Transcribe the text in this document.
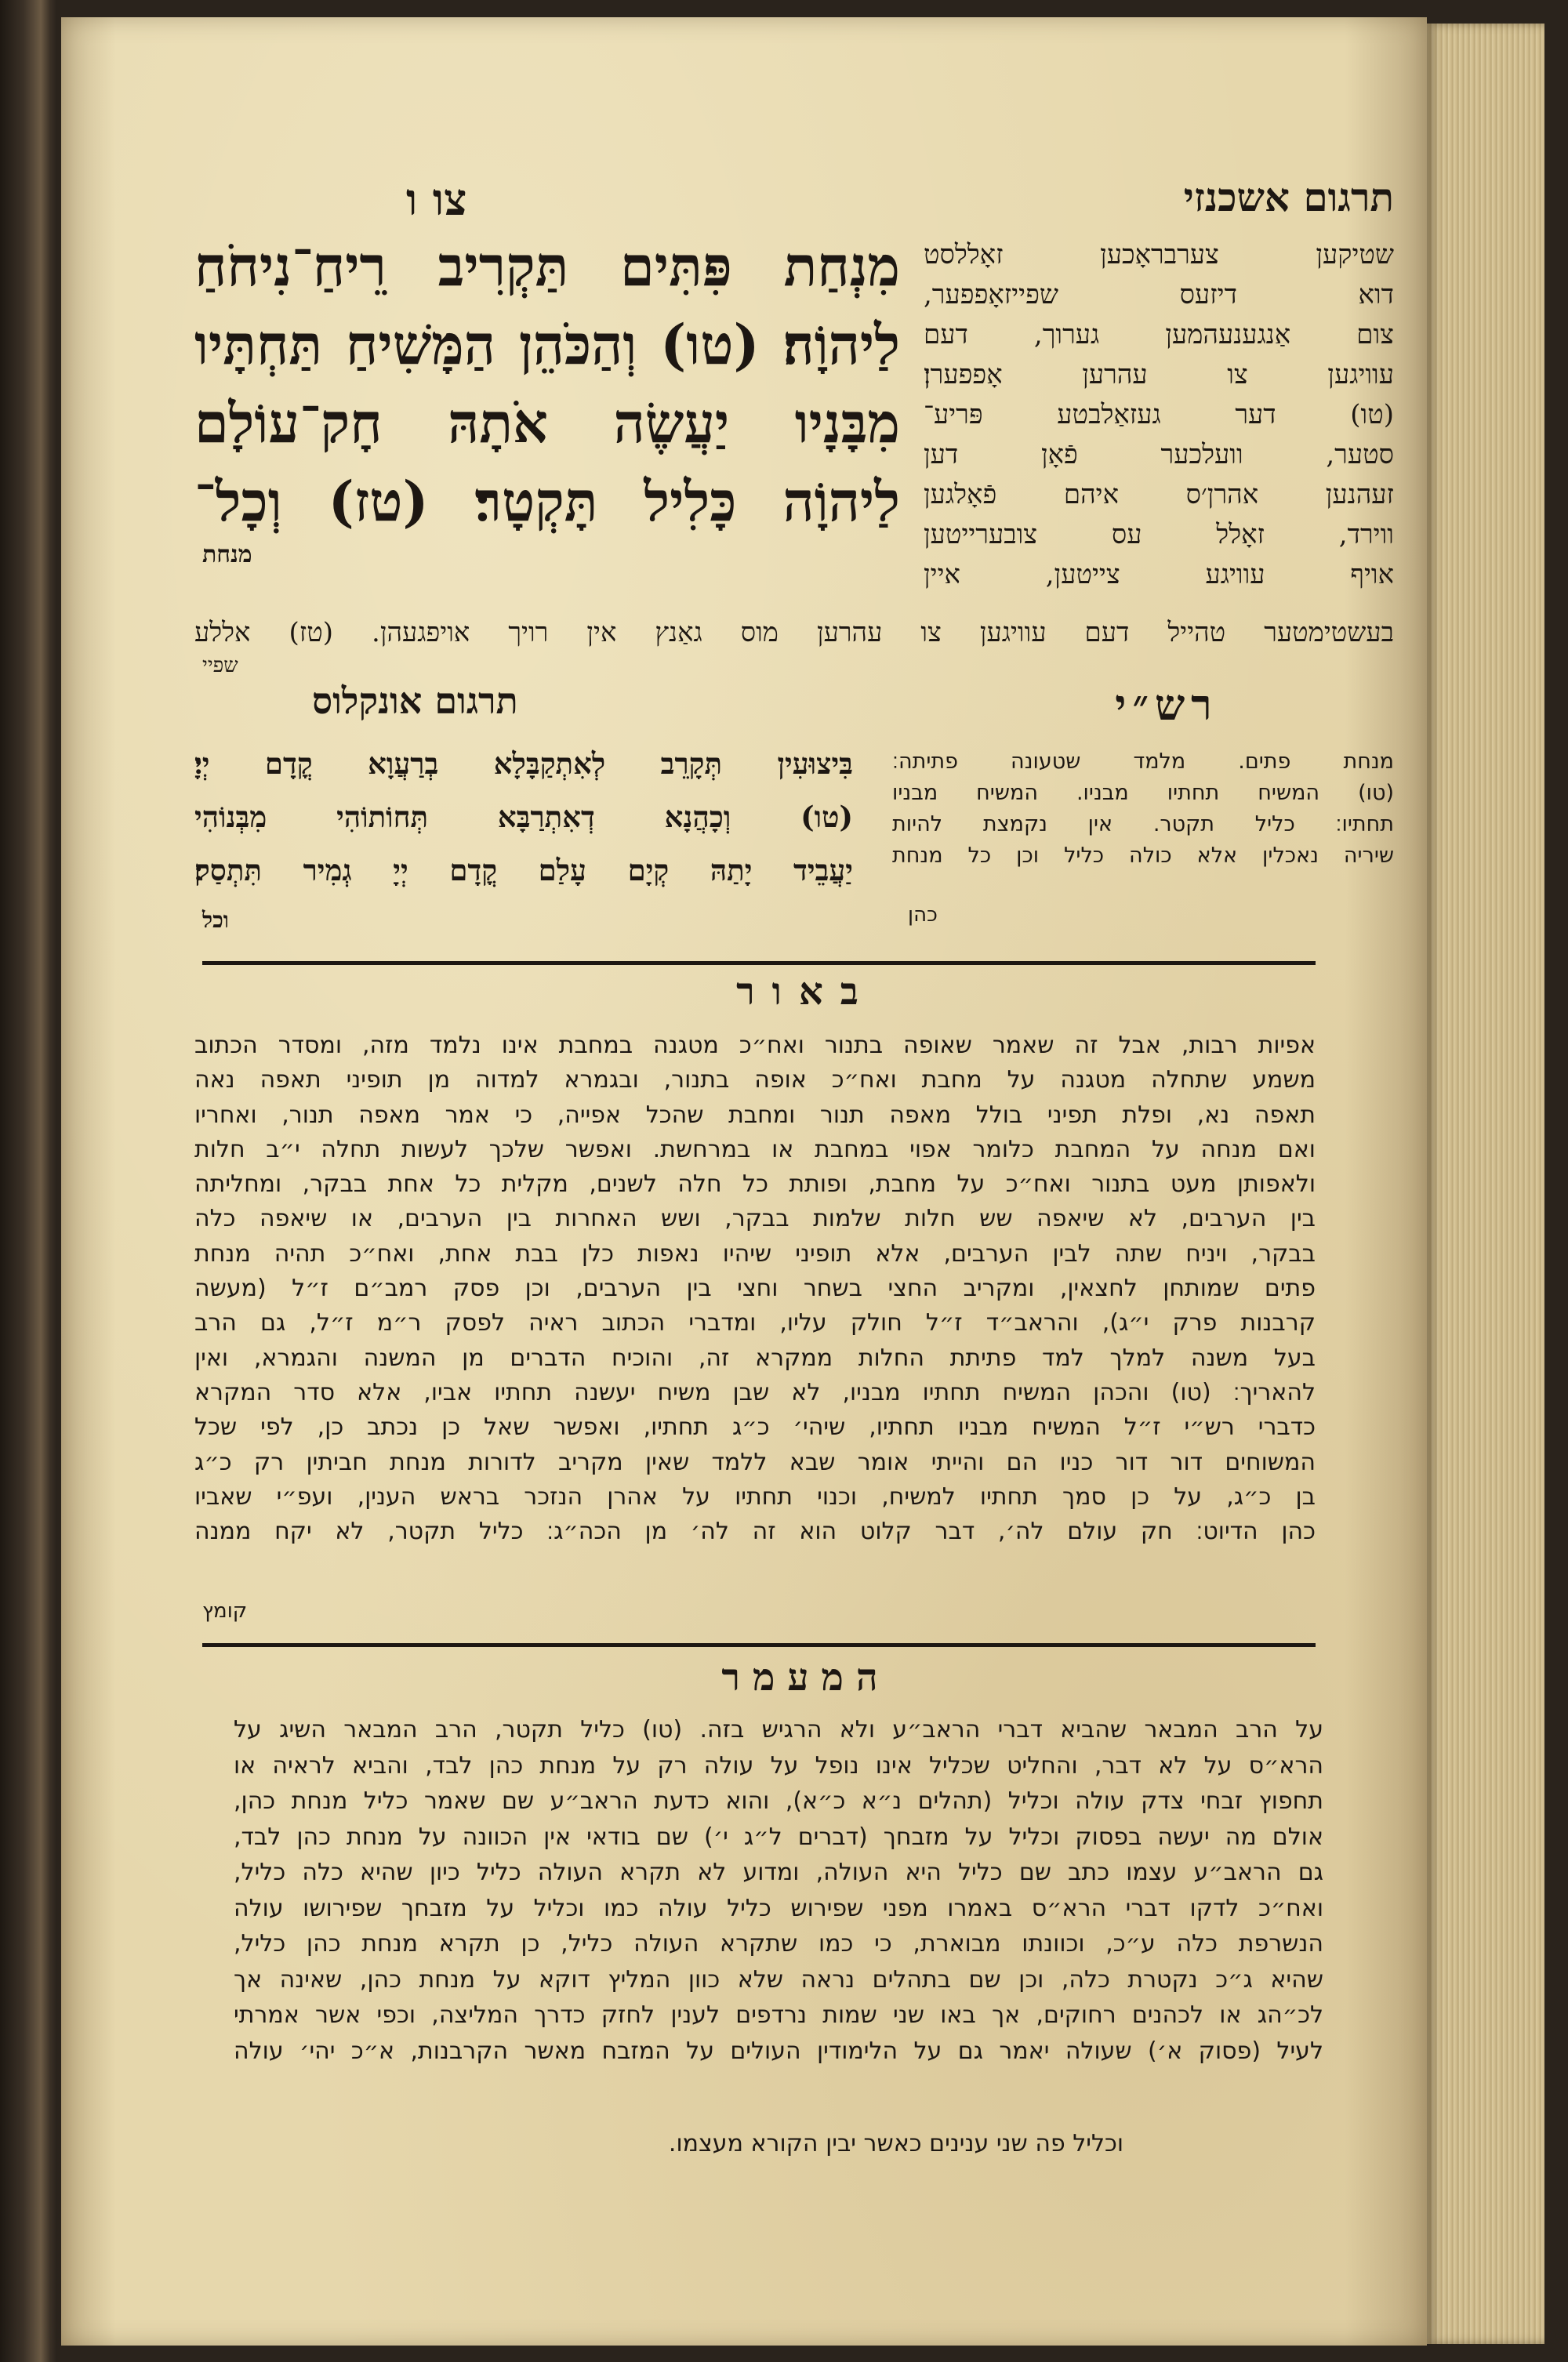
צו ו	תרגום אשכנזי
מִנְחַת פִּתִּים תַּקְרִיב רֵיחַ־נִיחֹחַ
לַיהוָֹה׃ (טו) וְהַכֹּהֵן הַמָּשִׁיחַ תַּחְתָּיו
מִבָּנָיו יַעֲשֶׂה אֹתָהּ חָק־עוֹלָם
לַיהוָֹה כָּלִיל תָּקְטָר׃ (טז) וְכָל־
מנחת
שטיקען צערבראָכען זאָללסט
דוא דיזעס שפייזאָפפער,
צום אַנגענעהמען גערוך, דעם
עוויגען צו עהרען אָפפערן׃
(טו) דער געזאַלבטע פּריע־
סטער, וועלכער פֿאָן דען
זעהנען אהרן׳ס איהם פֿאָלגען
ווירד, זאָלל עס צובערייטען
אויף עוויגע צייטען, איין
בעשטימטער טהייל דעם עוויגען צו עהרען מוס גאַנץ אין רויך אויפגעהן. (טז) אללע
שפיי
תרגום אונקלוס
בִּיצוּעִין תְּקָרֵב לְאִתְקַבָּלָא בְרַעֲוָא קֳדָם יְיָ׃
(טו) וְכָהֲנָא דְאִתְרַבָּא תְּחוֹתוֹהִי מִבְּנוֹהִי
יַעֲבֵיד יָתַהּ קְיָם עָלַם קֳדָם יְיָ גְמִיר תִּתְסַק׃
וכל
רש״י
מנחת פתים. מלמד שטעונה פתיתה׃
(טו) המשיח תחתיו מבניו. המשיח מבניו
תחתיו׃ כליל תקטר. אין נקמצת להיות
שיריה נאכלין אלא כולה כליל וכן כל מנחת
כהן
באור
אפיות רבות, אבל זה שאמר שאופה בתנור ואח״כ מטגנה במחבת אינו נלמד מזה, ומסדר הכתוב
משמע שתחלה מטגנה על מחבת ואח״כ אופה בתנור, ובגמרא למדוה מן תופיני תאפה נאה
תאפה נא, ופלת תפיני בולל מאפה תנור ומחבת שהכל אפייה, כי אמר מאפה תנור, ואחריו
ואם מנחה על המחבת כלומר אפוי במחבת או במרחשת. ואפשר שלכך לעשות תחלה י״ב חלות
ולאפותן מעט בתנור ואח״כ על מחבת, ופותת כל חלה לשנים, מקלית כל אחת בבקר, ומחליתה
בין הערבים, לא שיאפה שש חלות שלמות בבקר, ושש האחרות בין הערבים, או שיאפה כלה
בבקר, ויניח שתה לבין הערבים, אלא תופיני שיהיו נאפות כלן בבת אחת, ואח״כ תהיה מנחת
פתים שמותחן לחצאין, ומקריב החצי בשחר וחצי בין הערבים, וכן פסק רמב״ם ז״ל (מעשה
קרבנות פרק י״ג), והראב״ד ז״ל חולק עליו, ומדברי הכתוב ראיה לפסק ר״מ ז״ל, גם הרב
בעל משנה למלך למד פתיתת החלות ממקרא זה, והוכיח הדברים מן המשנה והגמרא, ואין
להאריך׃ (טו) והכהן המשיח תחתיו מבניו, לא שבן משיח יעשנה תחתיו אביו, אלא סדר המקרא
כדברי רש״י ז״ל המשיח מבניו תחתיו, שיהי׳ כ״ג תחתיו, ואפשר שאל כן נכתב כן, לפי שכל
המשוחים דור דור כניו הם והייתי אומר שבא ללמד שאין מקריב לדורות מנחת חביתין רק כ״ג
בן כ״ג, על כן סמך תחתיו למשיח, וכנוי תחתיו על אהרן הנזכר בראש הענין, ועפ״י שאביו
כהן הדיוט׃ חק עולם לה׳, דבר קלוט הוא זה לה׳ מן הכה״ג׃ כליל תקטר, לא יקח ממנה
קומץ
המעמר
על הרב המבאר שהביא דברי הראב״ע ולא הרגיש בזה. (טו) כליל תקטר, הרב המבאר השיג על
הרא״ס על לא דבר, והחליט שכליל אינו נופל על עולה רק על מנחת כהן לבד, והביא לראיה או
תחפוץ זבחי צדק עולה וכליל (תהלים נ״א כ״א), והוא כדעת הראב״ע שם שאמר כליל מנחת כהן,
אולם מה יעשה בפסוק וכליל על מזבחך (דברים ל״ג י׳) שם בודאי אין הכוונה על מנחת כהן לבד,
גם הראב״ע עצמו כתב שם כליל היא העולה, ומדוע לא תקרא העולה כליל כיון שהיא כלה כליל,
ואח״כ לדקו דברי הרא״ס באמרו מפני שפירוש כליל עולה כמו וכליל על מזבחך שפירושו עולה
הנשרפת כלה ע״כ, וכוונתו מבוארת, כי כמו שתקרא העולה כליל, כן תקרא מנחת כהן כליל,
שהיא ג״כ נקטרת כלה, וכן שם בתהלים נראה שלא כוון המליץ דוקא על מנחת כהן, שאינה אך
לכ״הג או לכהנים רחוקים, אך באו שני שמות נרדפים לענין לחזק כדרך המליצה, וכפי אשר אמרתי
לעיל (פסוק א׳) שעולה יאמר גם על הלימודין העולים על המזבח מאשר הקרבנות, א״כ יהי׳ עולה
וכליל פה שני ענינים כאשר יבין הקורא מעצמו.
